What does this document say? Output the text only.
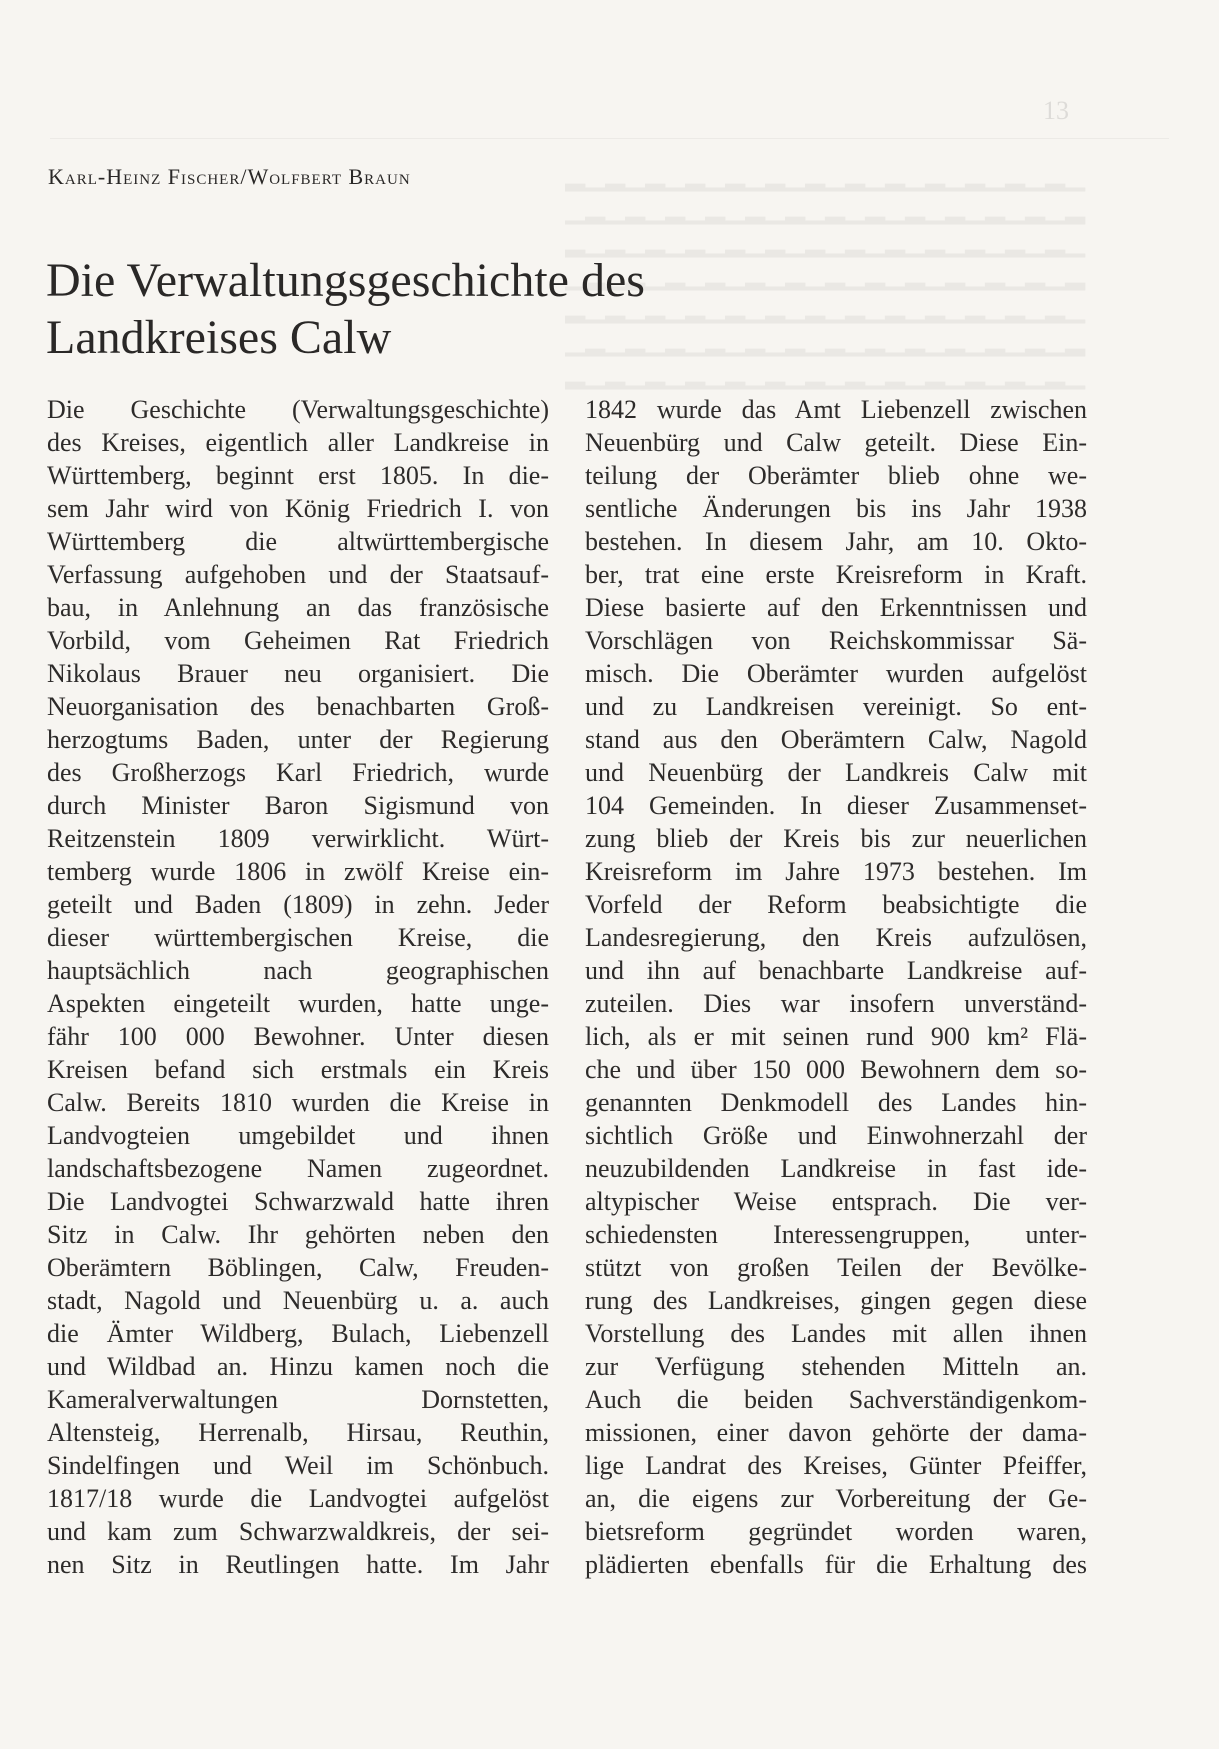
▁▂▁▂▁▂▁▂▁▂▁▂▁▂▁▂▁▂▁▂▁▂▁▂▁▂
▂▁▂▁▂▁▂▁▂▁▂▁▂▁▂▁▂▁▂▁▂▁▂▁▂▁
▁▂▁▂▁▂▁▂▁▂▁▂▁▂▁▂▁▂▁▂▁▂▁▂▁▂
▂▁▂▁▂▁▂▁▂▁▂▁▂▁▂▁▂▁▂▁▂▁▂▁▂▁
▁▂▁▂▁▂▁▂▁▂▁▂▁▂▁▂▁▂▁▂▁▂▁▂▁▂
▂▁▂▁▂▁▂▁▂▁▂▁▂▁▂▁▂▁▂▁▂▁▂▁▂▁
▁▂▁▂▁▂▁▂▁▂▁▂▁▂▁▂▁▂▁▂▁▂▁▂▁▂
13
Karl-Heinz Fischer/Wolfbert Braun
Die Verwaltungsgeschichte des
Landkreises Calw
Die Geschichte (Verwaltungsgeschichte)
des Kreises, eigentlich aller Landkreise in
Württemberg, beginnt erst 1805. In die-
sem Jahr wird von König Friedrich I. von
Württemberg die altwürttembergische
Verfassung aufgehoben und der Staatsauf-
bau, in Anlehnung an das französische
Vorbild, vom Geheimen Rat Friedrich
Nikolaus Brauer neu organisiert. Die
Neuorganisation des benachbarten Groß-
herzogtums Baden, unter der Regierung
des Großherzogs Karl Friedrich, wurde
durch Minister Baron Sigismund von
Reitzenstein 1809 verwirklicht. Würt-
temberg wurde 1806 in zwölf Kreise ein-
geteilt und Baden (1809) in zehn. Jeder
dieser württembergischen Kreise, die
hauptsächlich nach geographischen
Aspekten eingeteilt wurden, hatte unge-
fähr 100 000 Bewohner. Unter diesen
Kreisen befand sich erstmals ein Kreis
Calw. Bereits 1810 wurden die Kreise in
Landvogteien umgebildet und ihnen
landschaftsbezogene Namen zugeordnet.
Die Landvogtei Schwarzwald hatte ihren
Sitz in Calw. Ihr gehörten neben den
Oberämtern Böblingen, Calw, Freuden-
stadt, Nagold und Neuenbürg u. a. auch
die Ämter Wildberg, Bulach, Liebenzell
und Wildbad an. Hinzu kamen noch die
Kameralverwaltungen Dornstetten,
Altensteig, Herrenalb, Hirsau, Reuthin,
Sindelfingen und Weil im Schönbuch.
1817/18 wurde die Landvogtei aufgelöst
und kam zum Schwarzwaldkreis, der sei-
nen Sitz in Reutlingen hatte. Im Jahr
1842 wurde das Amt Liebenzell zwischen
Neuenbürg und Calw geteilt. Diese Ein-
teilung der Oberämter blieb ohne we-
sentliche Änderungen bis ins Jahr 1938
bestehen. In diesem Jahr, am 10. Okto-
ber, trat eine erste Kreisreform in Kraft.
Diese basierte auf den Erkenntnissen und
Vorschlägen von Reichskommissar Sä-
misch. Die Oberämter wurden aufgelöst
und zu Landkreisen vereinigt. So ent-
stand aus den Oberämtern Calw, Nagold
und Neuenbürg der Landkreis Calw mit
104 Gemeinden. In dieser Zusammenset-
zung blieb der Kreis bis zur neuerlichen
Kreisreform im Jahre 1973 bestehen. Im
Vorfeld der Reform beabsichtigte die
Landesregierung, den Kreis aufzulösen,
und ihn auf benachbarte Landkreise auf-
zuteilen. Dies war insofern unverständ-
lich, als er mit seinen rund 900 km² Flä-
che und über 150 000 Bewohnern dem so-
genannten Denkmodell des Landes hin-
sichtlich Größe und Einwohnerzahl der
neuzubildenden Landkreise in fast ide-
altypischer Weise entsprach. Die ver-
schiedensten Interessengruppen, unter-
stützt von großen Teilen der Bevölke-
rung des Landkreises, gingen gegen diese
Vorstellung des Landes mit allen ihnen
zur Verfügung stehenden Mitteln an.
Auch die beiden Sachverständigenkom-
missionen, einer davon gehörte der dama-
lige Landrat des Kreises, Günter Pfeiffer,
an, die eigens zur Vorbereitung der Ge-
bietsreform gegründet worden waren,
plädierten ebenfalls für die Erhaltung des
